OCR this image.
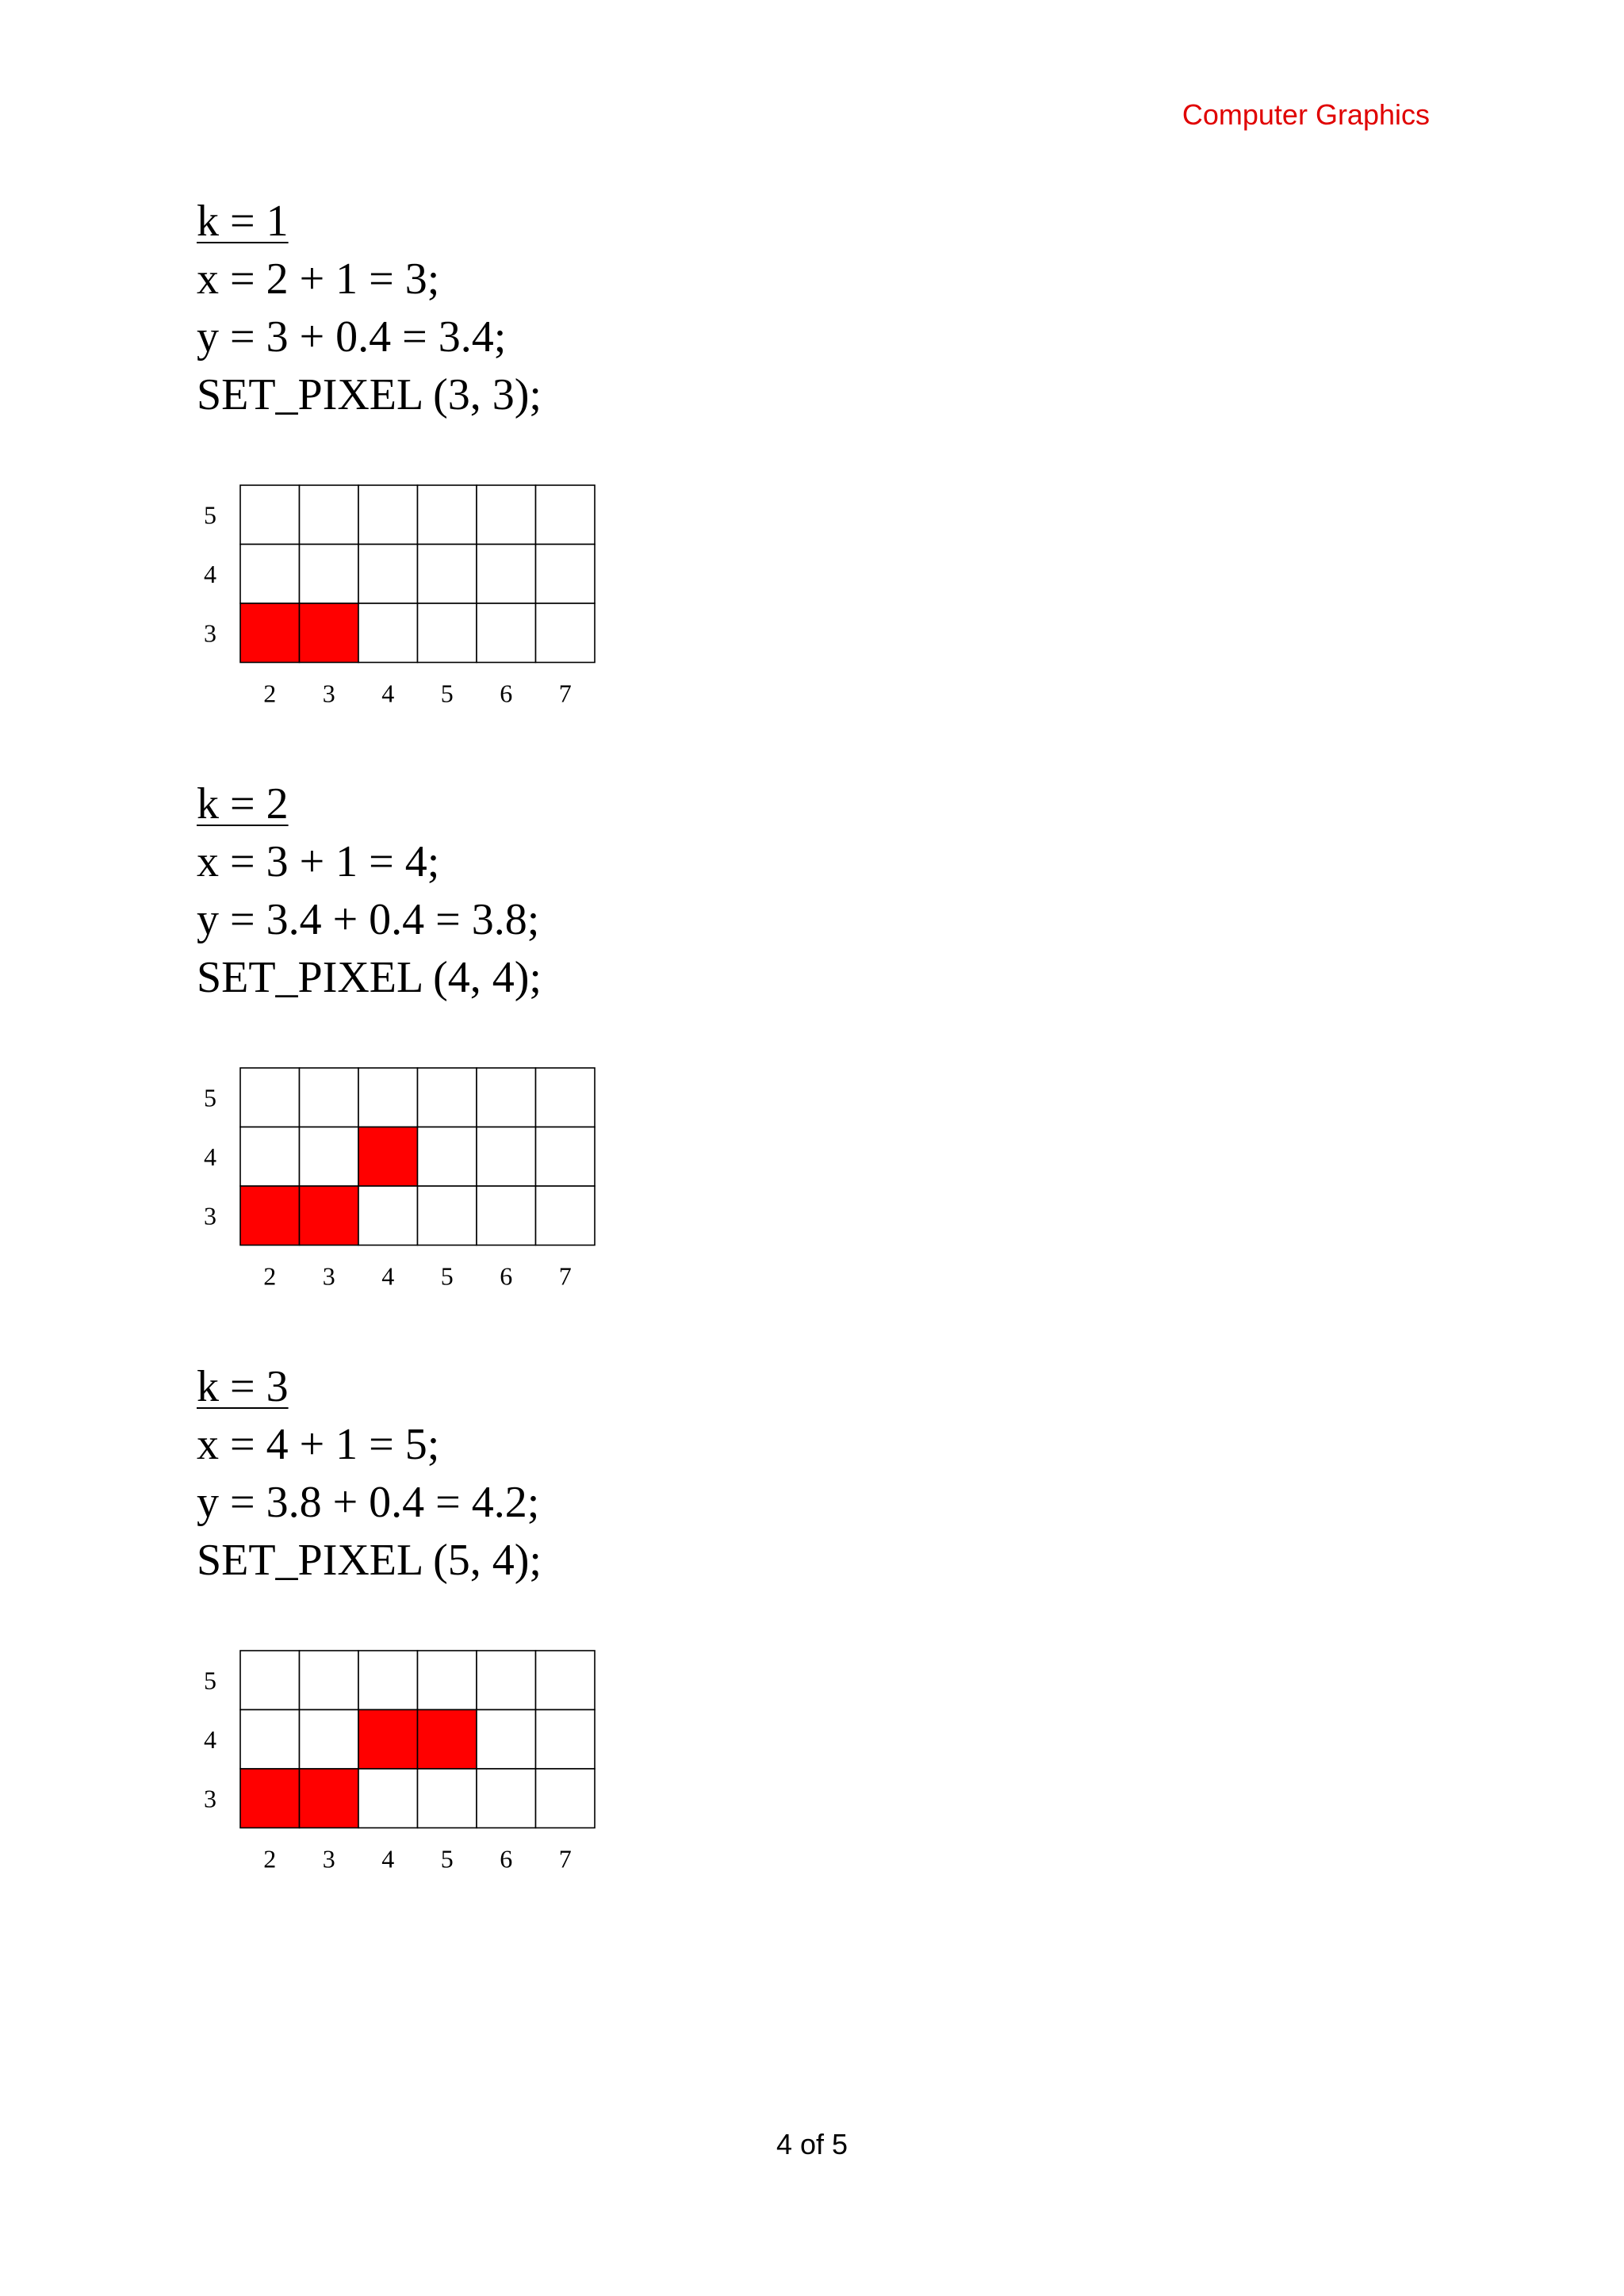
Computer Graphics
k = 1
x = 2 + 1 = 3;
y = 3 + 0.4 = 3.4;
SET_PIXEL (3, 3);
5
4
3
2 3 4 5 6 7
k = 2
x = 3 + 1 = 4;
y = 3.4 + 0.4 = 3.8;
SET_PIXEL (4, 4);
5
4
3
2 3 4 5 6 7
k = 3
x = 4 + 1 = 5;
y = 3.8 + 0.4 = 4.2;
SET_PIXEL (5, 4);
5
4
3
2 3 4 5 6 7
4 of 5
